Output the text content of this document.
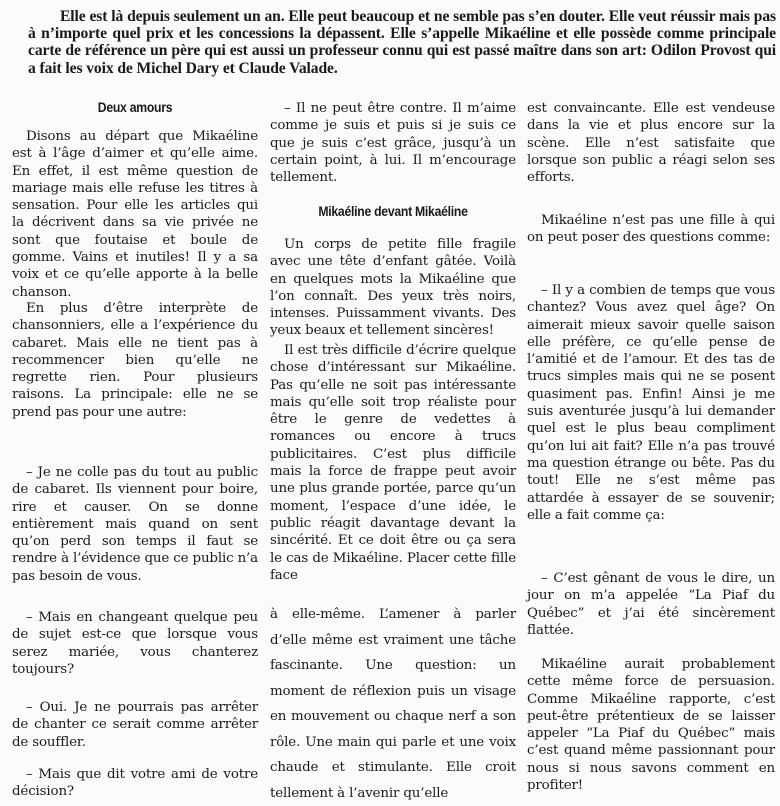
Elle est là depuis seulement un an. Elle peut beaucoup et ne semble pas s’en douter. Elle veut réussir mais pas à n’importe quel prix et les concessions la dépassent. Elle s’appelle Mikaéline et elle possède comme principale carte de référence un père qui est aussi un professeur connu qui est passé maître dans son art: Odilon Provost qui a fait les voix de Michel Dary et Claude Valade.

Deux amours

Disons au départ que Mikaéline est à l’âge d’aimer et qu’elle aime. En effet, il est même question de mariage mais elle refuse les titres à sensation. Pour elle les articles qui la décrivent dans sa vie privée ne sont que foutaise et boule de gomme. Vains et inutiles! Il y a sa voix et ce qu’elle apporte à la belle chanson.

En plus d’être interprète de chansonniers, elle a l’expérience du cabaret. Mais elle ne tient pas à recommencer bien qu’elle ne regrette rien. Pour plusieurs raisons. La principale: elle ne se prend pas pour une autre:

– Je ne colle pas du tout au public de cabaret. Ils viennent pour boire, rire et causer. On se donne entièrement mais quand on sent qu’on perd son temps il faut se rendre à l’évidence que ce public n’a pas besoin de vous.

– Mais en changeant quelque peu de sujet est-ce que lorsque vous serez mariée, vous chanterez toujours?

– Oui. Je ne pourrais pas arrêter de chanter ce serait comme arrêter de souffler.

– Mais que dit votre ami de votre décision?

– Il ne peut être contre. Il m’aime comme je suis et puis si je suis ce que je suis c’est grâce, jusqu’à un certain point, à lui. Il m’encourage tellement.

Mikaéline devant Mikaéline

Un corps de petite fille fragile avec une tête d’enfant gâtée. Voilà en quelques mots la Mikaéline que l’on connaît. Des yeux très noirs, intenses. Puissamment vivants. Des yeux beaux et tellement sincères!

Il est très difficile d’écrire quelque chose d’intéressant sur Mikaéline. Pas qu’elle ne soit pas intéressante mais qu’elle soit trop réaliste pour être le genre de vedettes à romances ou encore à trucs publicitaires. C’est plus difficile mais la force de frappe peut avoir une plus grande portée, parce qu’un moment, l’espace d’une idée, le public réagit davantage devant la sincérité. Et ce doit être ou ça sera le cas de Mikaéline. Placer cette fille face

à elle-même. L’amener à parler d’elle même est vraiment une tâche fascinante. Une question: un moment de réflexion puis un visage en mouvement ou chaque nerf a son rôle. Une main qui parle et une voix chaude et stimulante. Elle croit tellement à l’avenir qu’elle

est convaincante. Elle est vendeuse dans la vie et plus encore sur la scène. Elle n’est satisfaite que lorsque son public a réagi selon ses efforts.

Mikaéline n’est pas une fille à qui on peut poser des questions comme:

– Il y a combien de temps que vous chantez? Vous avez quel âge? On aimerait mieux savoir quelle saison elle préfère, ce qu’elle pense de l’amitié et de l’amour. Et des tas de trucs simples mais qui ne se posent quasiment pas. Enfin! Ainsi je me suis aventurée jusqu’à lui demander quel est le plus beau compliment qu’on lui ait fait? Elle n’a pas trouvé ma question étrange ou bête. Pas du tout! Elle ne s’est même pas attardée à essayer de se souvenir; elle a fait comme ça:

– C’est gênant de vous le dire, un jour on m’a appelée “La Piaf du Québec” et j’ai été sincèrement flattée.

Mikaéline aurait probablement cette même force de persuasion. Comme Mikaéline rapporte, c’est peut-être prétentieux de se laisser appeler “La Piaf du Québec” mais c’est quand même passionnant pour nous si nous savons comment en profiter!
